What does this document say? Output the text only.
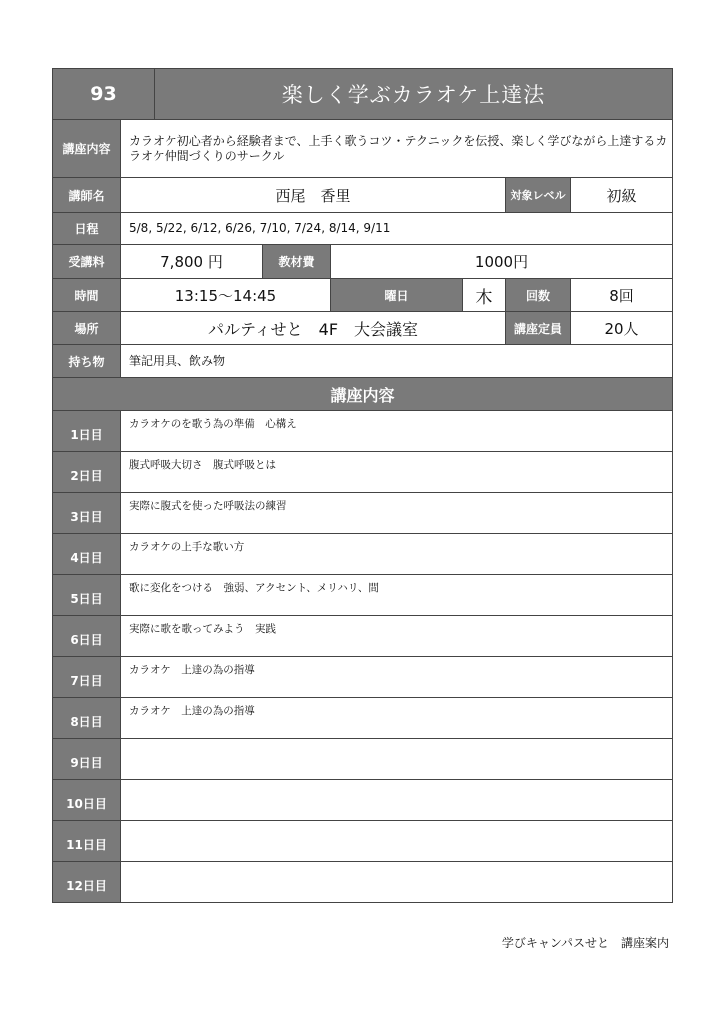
93		楽しく学ぶカラオケ上達法					
講座内容	カラオケ初心者から経験者まで、上手く歌うコツ・テクニックを伝授、楽しく学びながら上達するカラオケ仲間づくりのサークル						
講師名	西尾　香里					対象レベル	初級
日程	5/8, 5/22, 6/12, 6/26, 7/10, 7/24, 8/14, 9/11						
受講料	7,800 円		教材費	1000円			
時間	13:15～14:45			曜日	木	回数	8回
場所	パルティせと　4F　大会議室					講座定員	20人
持ち物	筆記用具、飲み物						
講座内容							
1日目	カラオケのを歌う為の準備　心構え						
2日目	腹式呼吸大切さ　腹式呼吸とは						
3日目	実際に腹式を使った呼吸法の練習						
4日目	カラオケの上手な歌い方						
5日目	歌に変化をつける　強弱、アクセント、メリハリ、間						
6日目	実際に歌を歌ってみよう　実践						
7日目	カラオケ　上達の為の指導						
8日目	カラオケ　上達の為の指導						
9日目							
10日目							
11日目							
12日目							
学びキャンパスせと　講座案内
